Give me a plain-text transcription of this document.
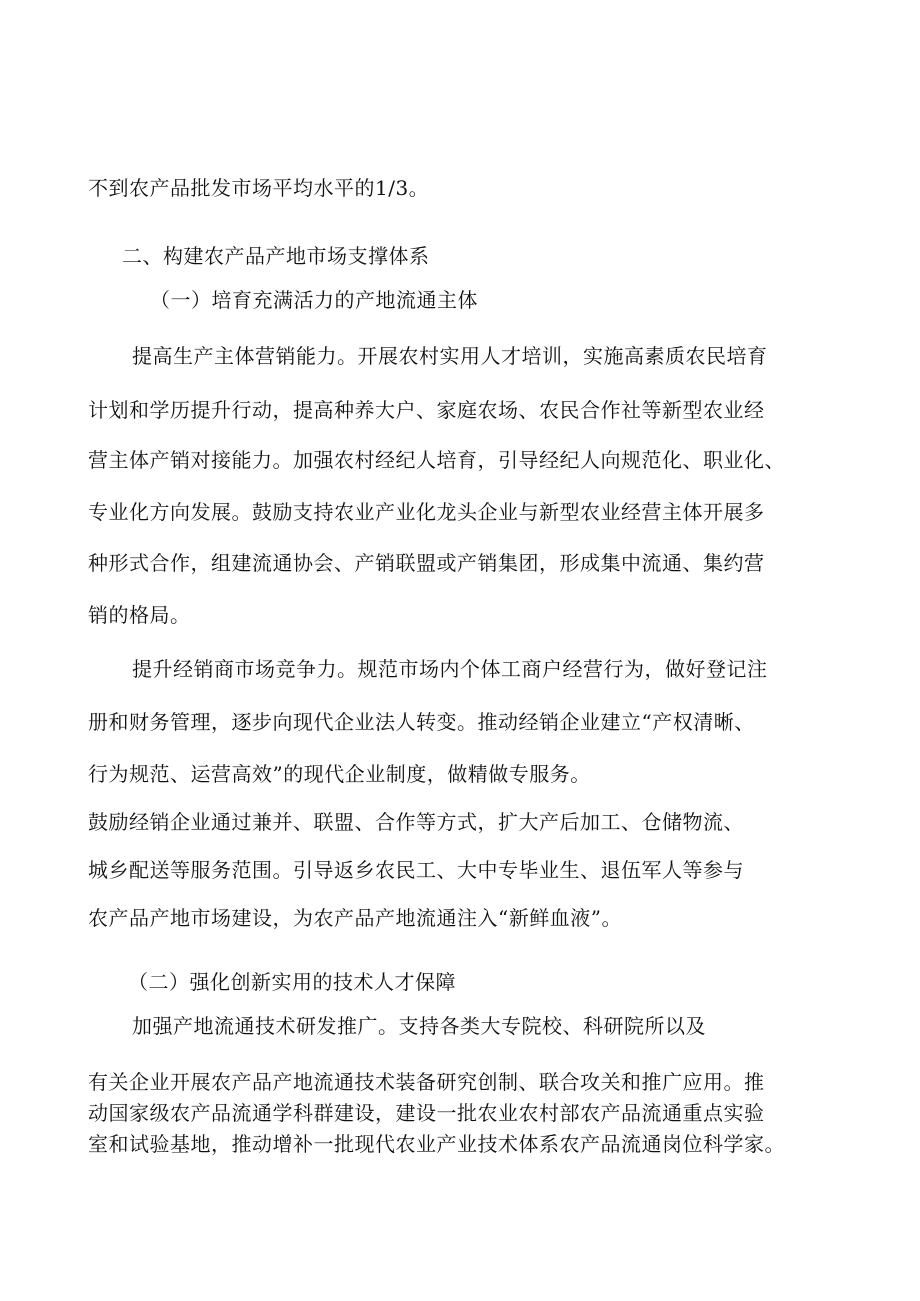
不到农产品批发市场平均水平的1/3。
二、构建农产品产地市场支撑体系
（一）培育充满活力的产地流通主体
提高生产主体营销能力。开展农村实用人才培训，实施高素质农民培育
计划和学历提升行动，提高种养大户、家庭农场、农民合作社等新型农业经
营主体产销对接能力。加强农村经纪人培育，引导经纪人向规范化、职业化、
专业化方向发展。鼓励支持农业产业化龙头企业与新型农业经营主体开展多
种形式合作，组建流通协会、产销联盟或产销集团，形成集中流通、集约营
销的格局。
提升经销商市场竞争力。规范市场内个体工商户经营行为，做好登记注
册和财务管理，逐步向现代企业法人转变。推动经销企业建立“产权清晰、
行为规范、运营高效”的现代企业制度，做精做专服务。
鼓励经销企业通过兼并、联盟、合作等方式，扩大产后加工、仓储物流、
城乡配送等服务范围。引导返乡农民工、大中专毕业生、退伍军人等参与
农产品产地市场建设，为农产品产地流通注入“新鲜血液”。
（二）强化创新实用的技术人才保障
加强产地流通技术研发推广。支持各类大专院校、科研院所以及
有关企业开展农产品产地流通技术装备研究创制、联合攻关和推广应用。推
动国家级农产品流通学科群建设，建设一批农业农村部农产品流通重点实验
室和试验基地，推动增补一批现代农业产业技术体系农产品流通岗位科学家。
